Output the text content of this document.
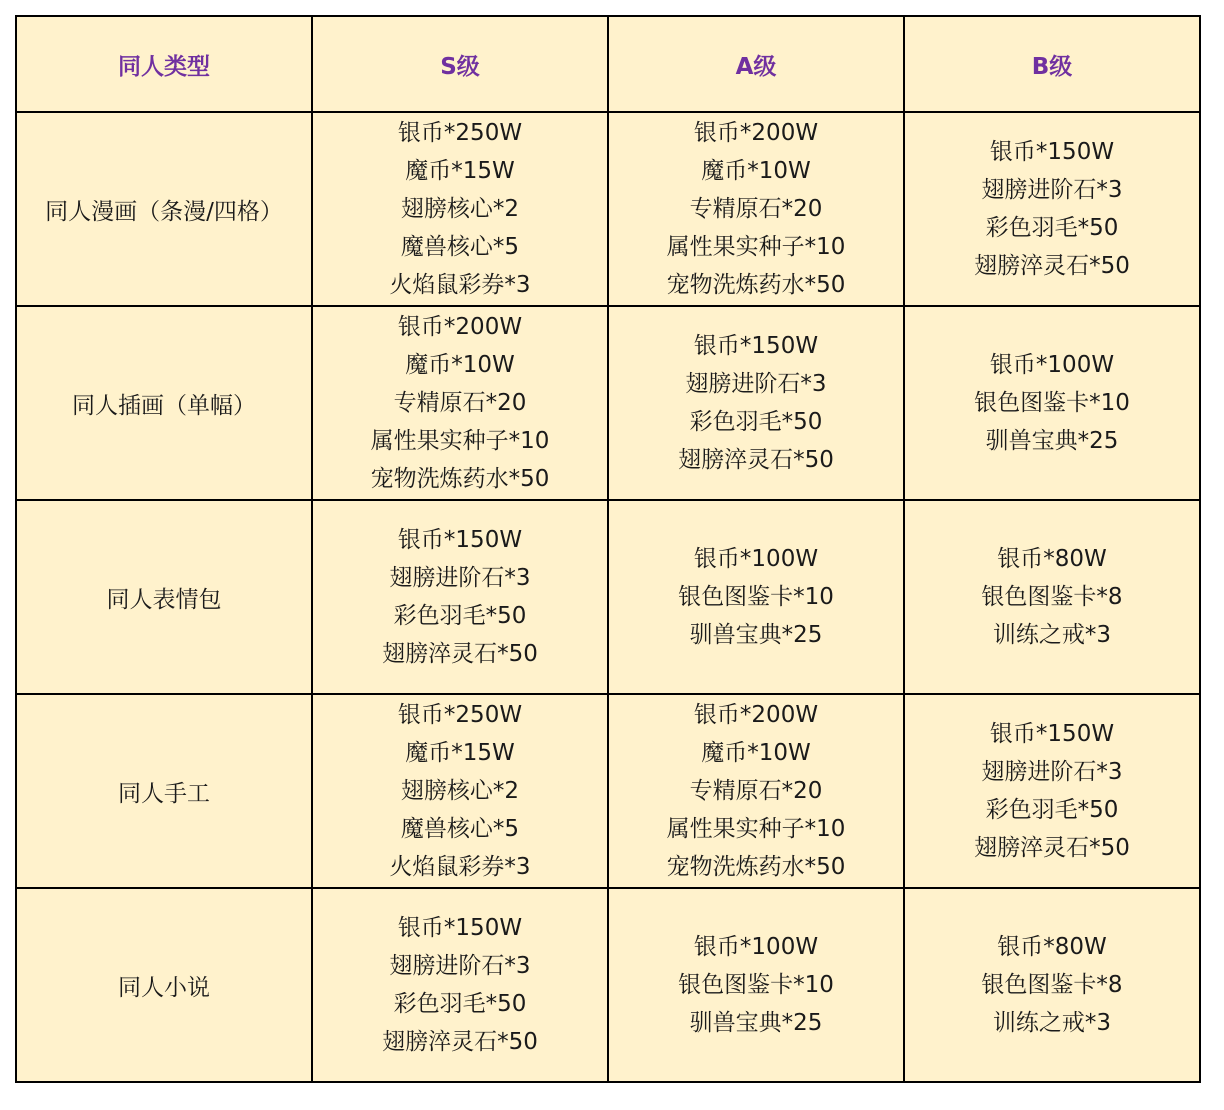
同人类型	S级	A级	B级
同人漫画（条漫/四格）	银币*250W
魔币*15W
翅膀核心*2
魔兽核心*5
火焰鼠彩券*3	银币*200W
魔币*10W
专精原石*20
属性果实种子*10
宠物洗炼药水*50	银币*150W
翅膀进阶石*3
彩色羽毛*50
翅膀淬灵石*50

同人插画（单幅）	银币*200W
魔币*10W
专精原石*20
属性果实种子*10
宠物洗炼药水*50	银币*150W
翅膀进阶石*3
彩色羽毛*50
翅膀淬灵石*50	银币*100W
银色图鉴卡*10
驯兽宝典*25

同人表情包	银币*150W
翅膀进阶石*3
彩色羽毛*50
翅膀淬灵石*50	银币*100W
银色图鉴卡*10
驯兽宝典*25	银币*80W
银色图鉴卡*8
训练之戒*3

同人手工	银币*250W
魔币*15W
翅膀核心*2
魔兽核心*5
火焰鼠彩券*3	银币*200W
魔币*10W
专精原石*20
属性果实种子*10
宠物洗炼药水*50	银币*150W
翅膀进阶石*3
彩色羽毛*50
翅膀淬灵石*50

同人小说	银币*150W
翅膀进阶石*3
彩色羽毛*50
翅膀淬灵石*50	银币*100W
银色图鉴卡*10
驯兽宝典*25	银币*80W
银色图鉴卡*8
训练之戒*3
